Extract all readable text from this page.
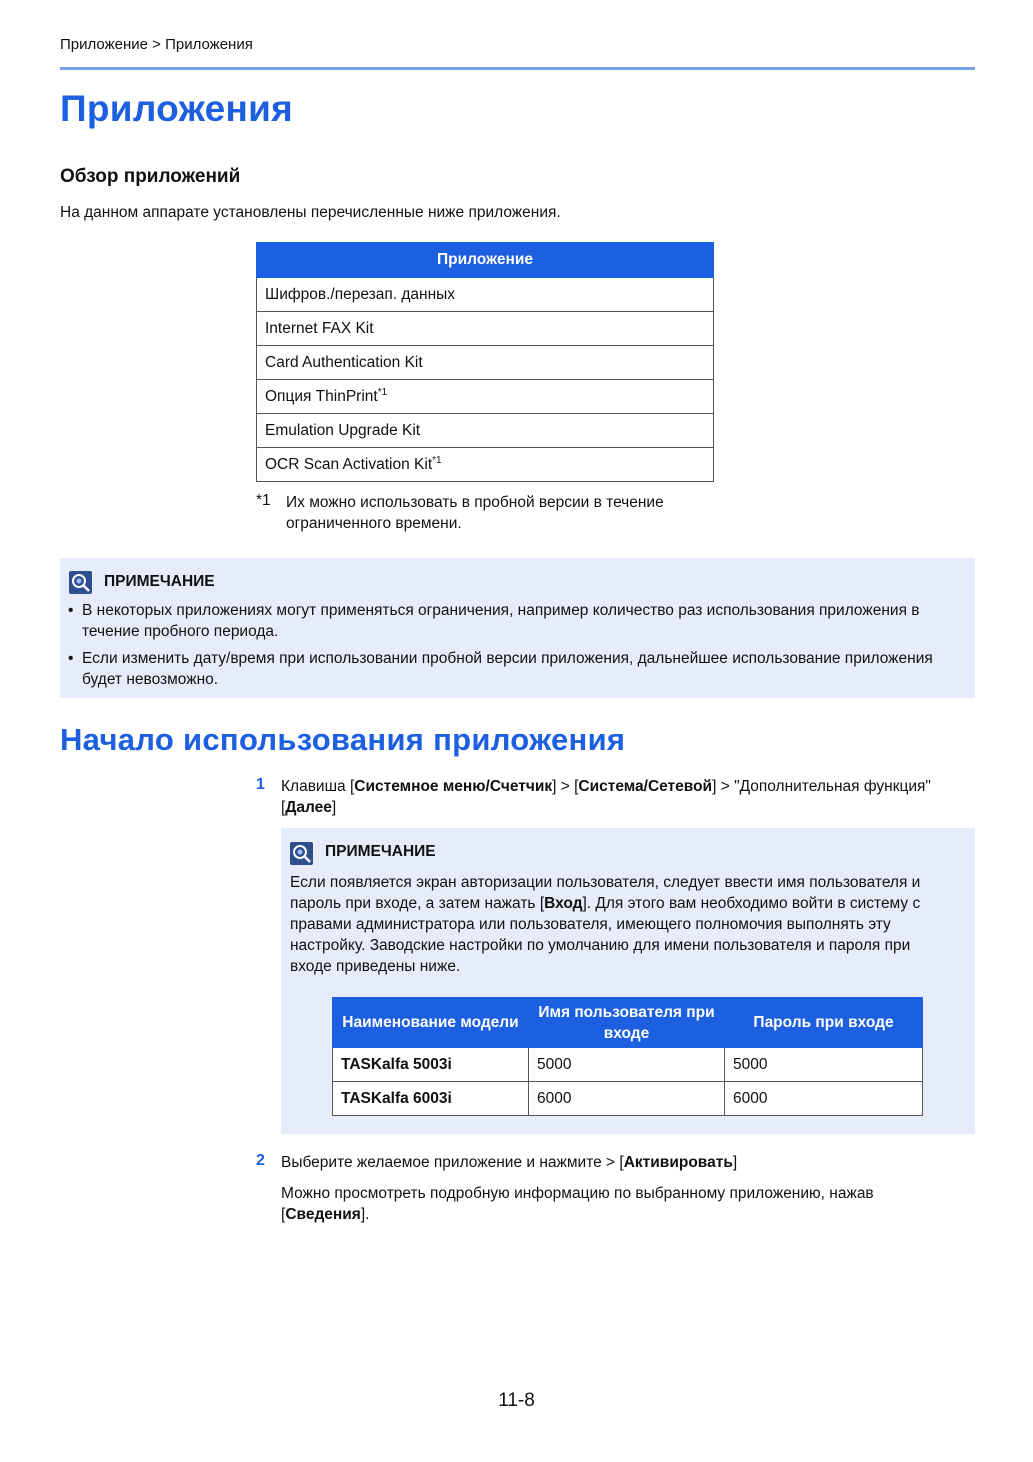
Приложение > Приложения
Приложения
Обзор приложений
На данном аппарате установлены перечисленные ниже приложения.
Приложение
Шифров./перезап. данных
Internet FAX Kit
Card Authentication Kit
Опция ThinPrint$^{*1}$
Emulation Upgrade Kit
OCR Scan Activation Kit$^{*1}$
*1 Их можно использовать в пробной версии в течение ограниченного времени.
ПРИМЕЧАНИЕ
• В некоторых приложениях могут применяться ограничения, например количество раз использования приложения в течение пробного периода.
• Если изменить дату/время при использовании пробной версии приложения, дальнейшее использование приложения будет невозможно.
Начало использования приложения
1 Клавиша [Системное меню/Счетчик] > [Система/Сетевой] > "Дополнительная функция" [Далее]
ПРИМЕЧАНИЕ
Если появляется экран авторизации пользователя, следует ввести имя пользователя и пароль при входе, а затем нажать [Вход]. Для этого вам необходимо войти в систему с правами администратора или пользователя, имеющего полномочия выполнять эту настройку. Заводские настройки по умолчанию для имени пользователя и пароля при входе приведены ниже.
Наименование модели	Имя пользователя при входе	Пароль при входе
TASKalfa 5003i	5000	5000
TASKalfa 6003i	6000	6000
2 Выберите желаемое приложение и нажмите > [Активировать]
Можно просмотреть подробную информацию по выбранному приложению, нажав [Сведения].
11-8
